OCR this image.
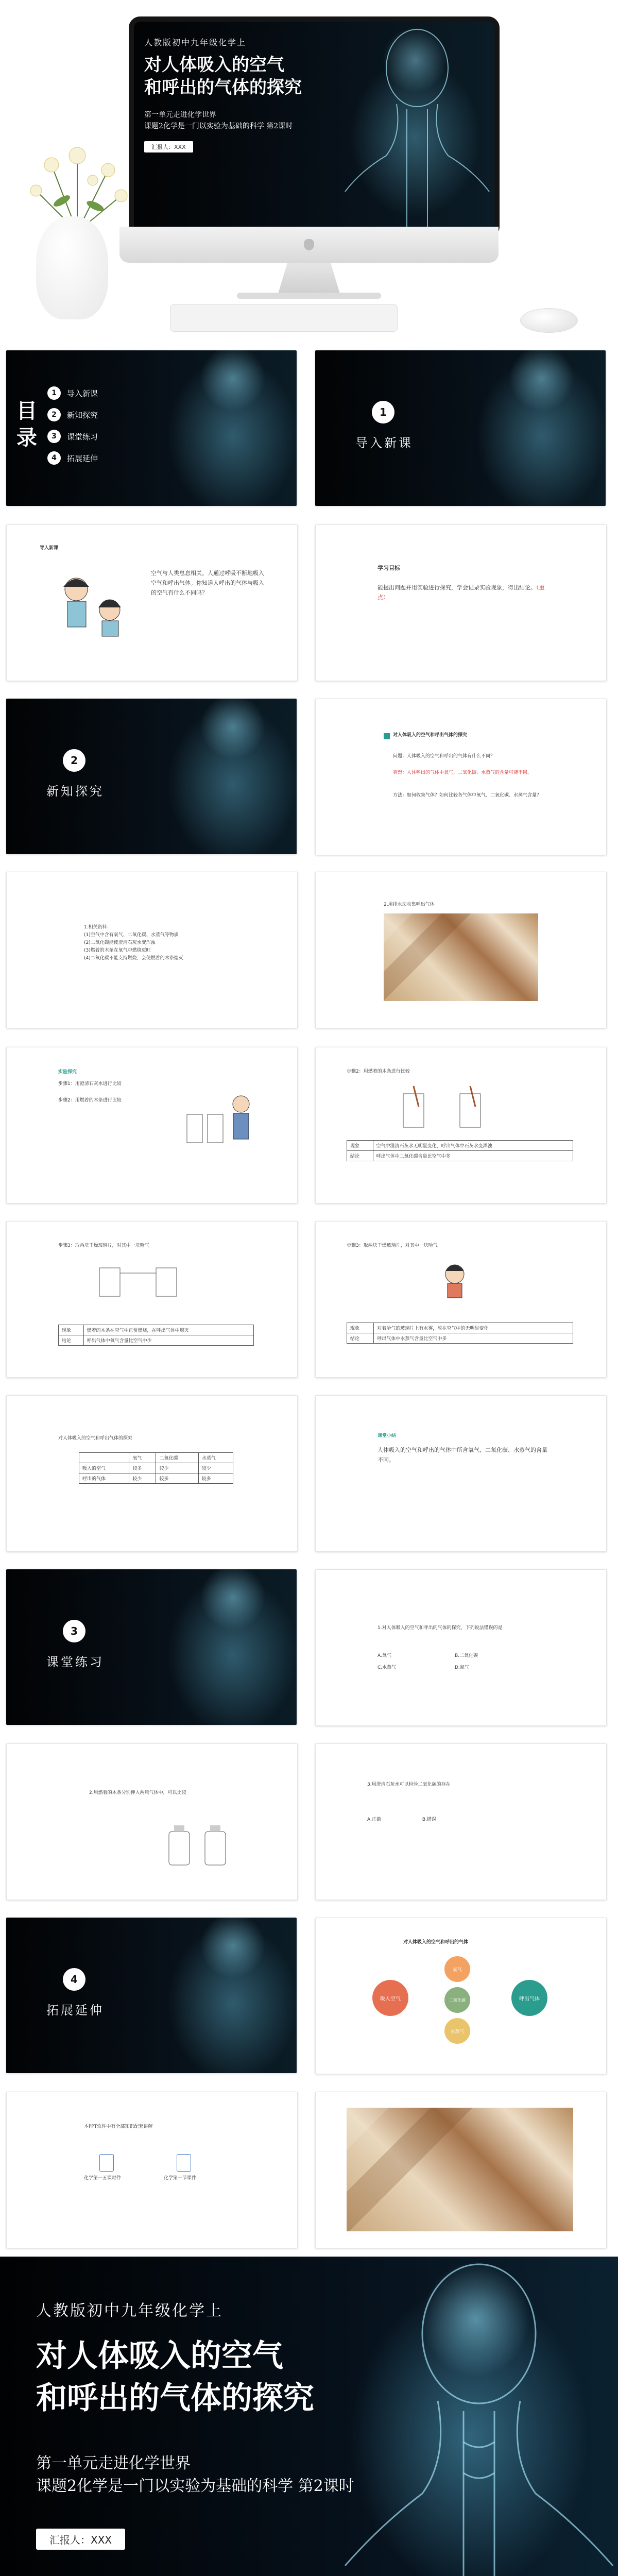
人教版初中九年级化学上
对人体吸入的空气
和呼出的气体的探究
第一单元走进化学世界
课题2化学是一门以实验为基础的科学 第2课时
汇报人：XXX
目
录
1	导入新课
2	新知探究
3	课堂练习
4	拓展延伸
1
导入新课
导入新课
空气与人类息息相关。人通过呼吸不断地吸入空气和呼出气体。你知道人呼出的气体与吸入的空气有什么不同吗？
学习目标
能提出问题并用实验进行探究，学会记录实验现象，得出结论。（重点）
2
新知探究
对人体吸入的空气和呼出气体的探究
问题：人体吸入的空气和呼出的气体有什么不同？
猜想：人体呼出的气体中氧气、二氧化碳、水蒸气的含量可能不同。
方法：如何收集气体？如何比较各气体中氧气、二氧化碳、水蒸气含量？
1.相关资料：
(1)空气中含有氧气、二氧化碳、水蒸气等物质
(2)二氧化碳能使澄清石灰水变浑浊
(3)燃着的木条在氧气中燃烧更旺
(4)二氧化碳不能支持燃烧，会使燃着的木条熄灭
2.用排水法收集呼出气体
实验探究
步骤1：用澄清石灰水进行比较
步骤2：用燃着的木条进行比较
步骤2：用燃着的木条进行比较
现象	空气中澄清石灰水无明显变化，呼出气体中石灰水变浑浊
结论	呼出气体中二氧化碳含量比空气中多
步骤3：取两块干燥玻璃片，对其中一块哈气
现象	燃着的木条在空气中正常燃烧，在呼出气体中熄灭
结论	呼出气体中氧气含量比空气中少
步骤3：取两块干燥玻璃片，对其中一块哈气
现象	对着哈气的玻璃片上有水雾，放在空气中的无明显变化
结论	呼出气体中水蒸气含量比空气中多
对人体吸入的空气和呼出气体的探究
	氧气	二氧化碳	水蒸气
吸入的空气	较多	较少	较少
呼出的气体	较少	较多	较多
课堂小结
人体吸入的空气和呼出的气体中所含氧气、二氧化碳、水蒸气的含量不同。
3
课堂练习
1.对人体吸入的空气和呼出的气体的探究，下列说法错误的是
A.氧气	B.二氧化碳
C.水蒸气	D.氮气
2.用燃着的木条分别伸入两瓶气体中，可以比较
3.用澄清石灰水可以检验二氧化碳的存在
A.正确	B.错误
4
拓展延伸
对人体吸入的空气和呼出的气体
吸入空气	呼出气体
氧气
二氧化碳
水蒸气
本PPT软件中有全部知识配套讲解
化学第一五课时件	化学第一节课件
人教版初中九年级化学上
对人体吸入的空气
和呼出的气体的探究
第一单元走进化学世界
课题2化学是一门以实验为基础的科学 第2课时
汇报人：XXX
